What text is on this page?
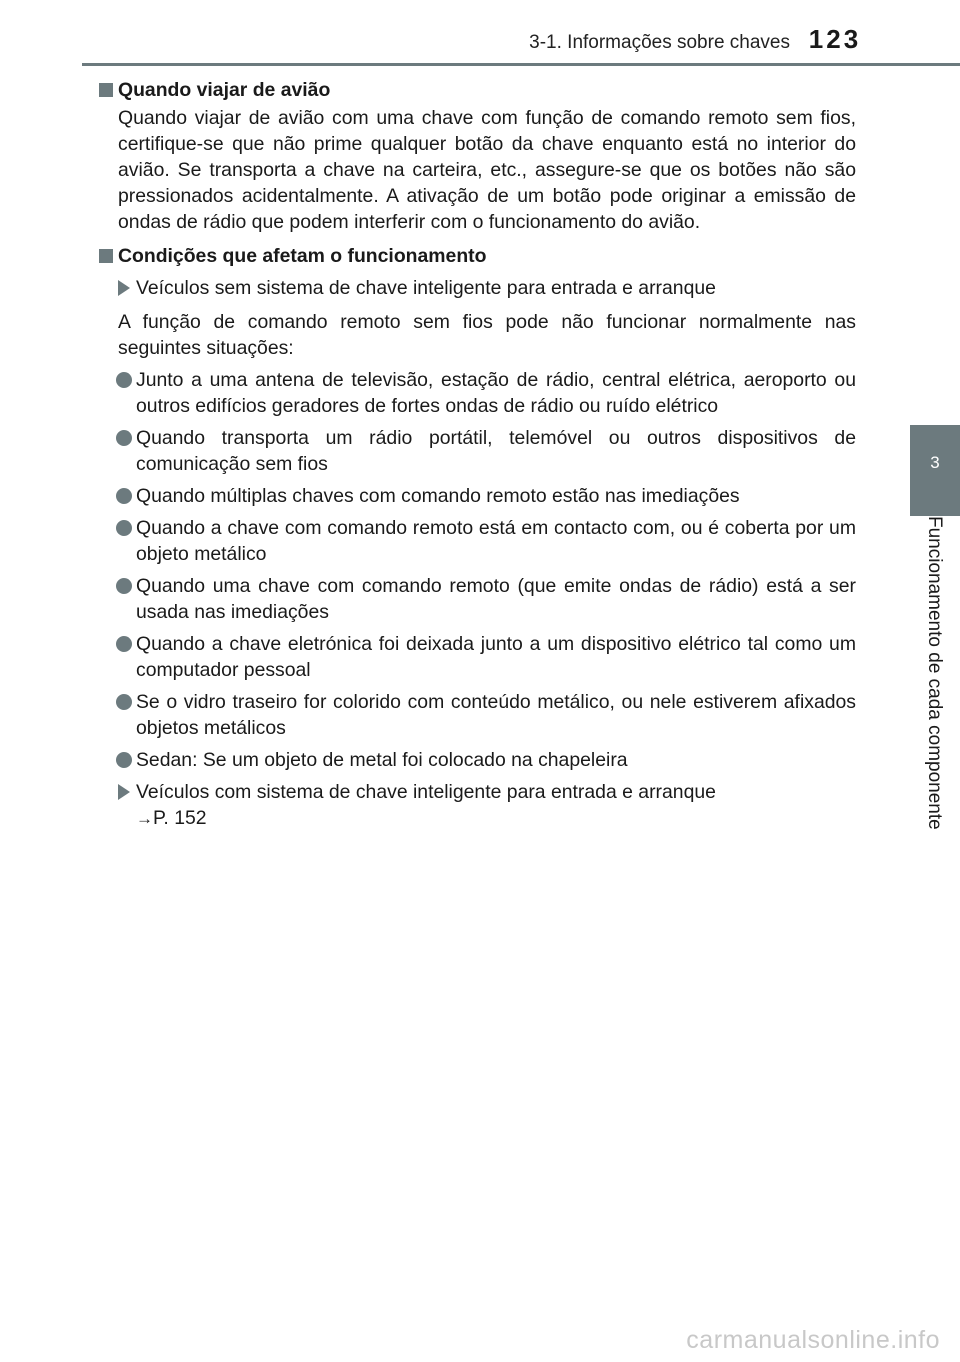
3-1. Informações sobre chaves 123
3
Funcionamento de cada componente
Quando viajar de avião

Quando viajar de avião com uma chave com função de comando remoto sem fios, certifique-se que não prime qualquer botão da chave enquanto está no interior do avião. Se transporta a chave na carteira, etc., assegure-se que os botões não são pressionados acidentalmente. A ativação de um botão pode originar a emissão de ondas de rádio que podem interferir com o funcionamento do avião.

Condições que afetam o funcionamento

Veículos sem sistema de chave inteligente para entrada e arranque

A função de comando remoto sem fios pode não funcionar normalmente nas seguintes situações:

Junto a uma antena de televisão, estação de rádio, central elétrica, aeroporto ou outros edifícios geradores de fortes ondas de rádio ou ruído elétrico

Quando transporta um rádio portátil, telemóvel ou outros dispositivos de comunicação sem fios

Quando múltiplas chaves com comando remoto estão nas imediações

Quando a chave com comando remoto está em contacto com, ou é coberta por um objeto metálico

Quando uma chave com comando remoto (que emite ondas de rádio) está a ser usada nas imediações

Quando a chave eletrónica foi deixada junto a um dispositivo elétrico tal como um computador pessoal

Se o vidro traseiro for colorido com conteúdo metálico, ou nele estiverem afixados objetos metálicos

Sedan: Se um objeto de metal foi colocado na chapeleira

Veículos com sistema de chave inteligente para entrada e arranque
→P. 152

carmanualsonline.info
